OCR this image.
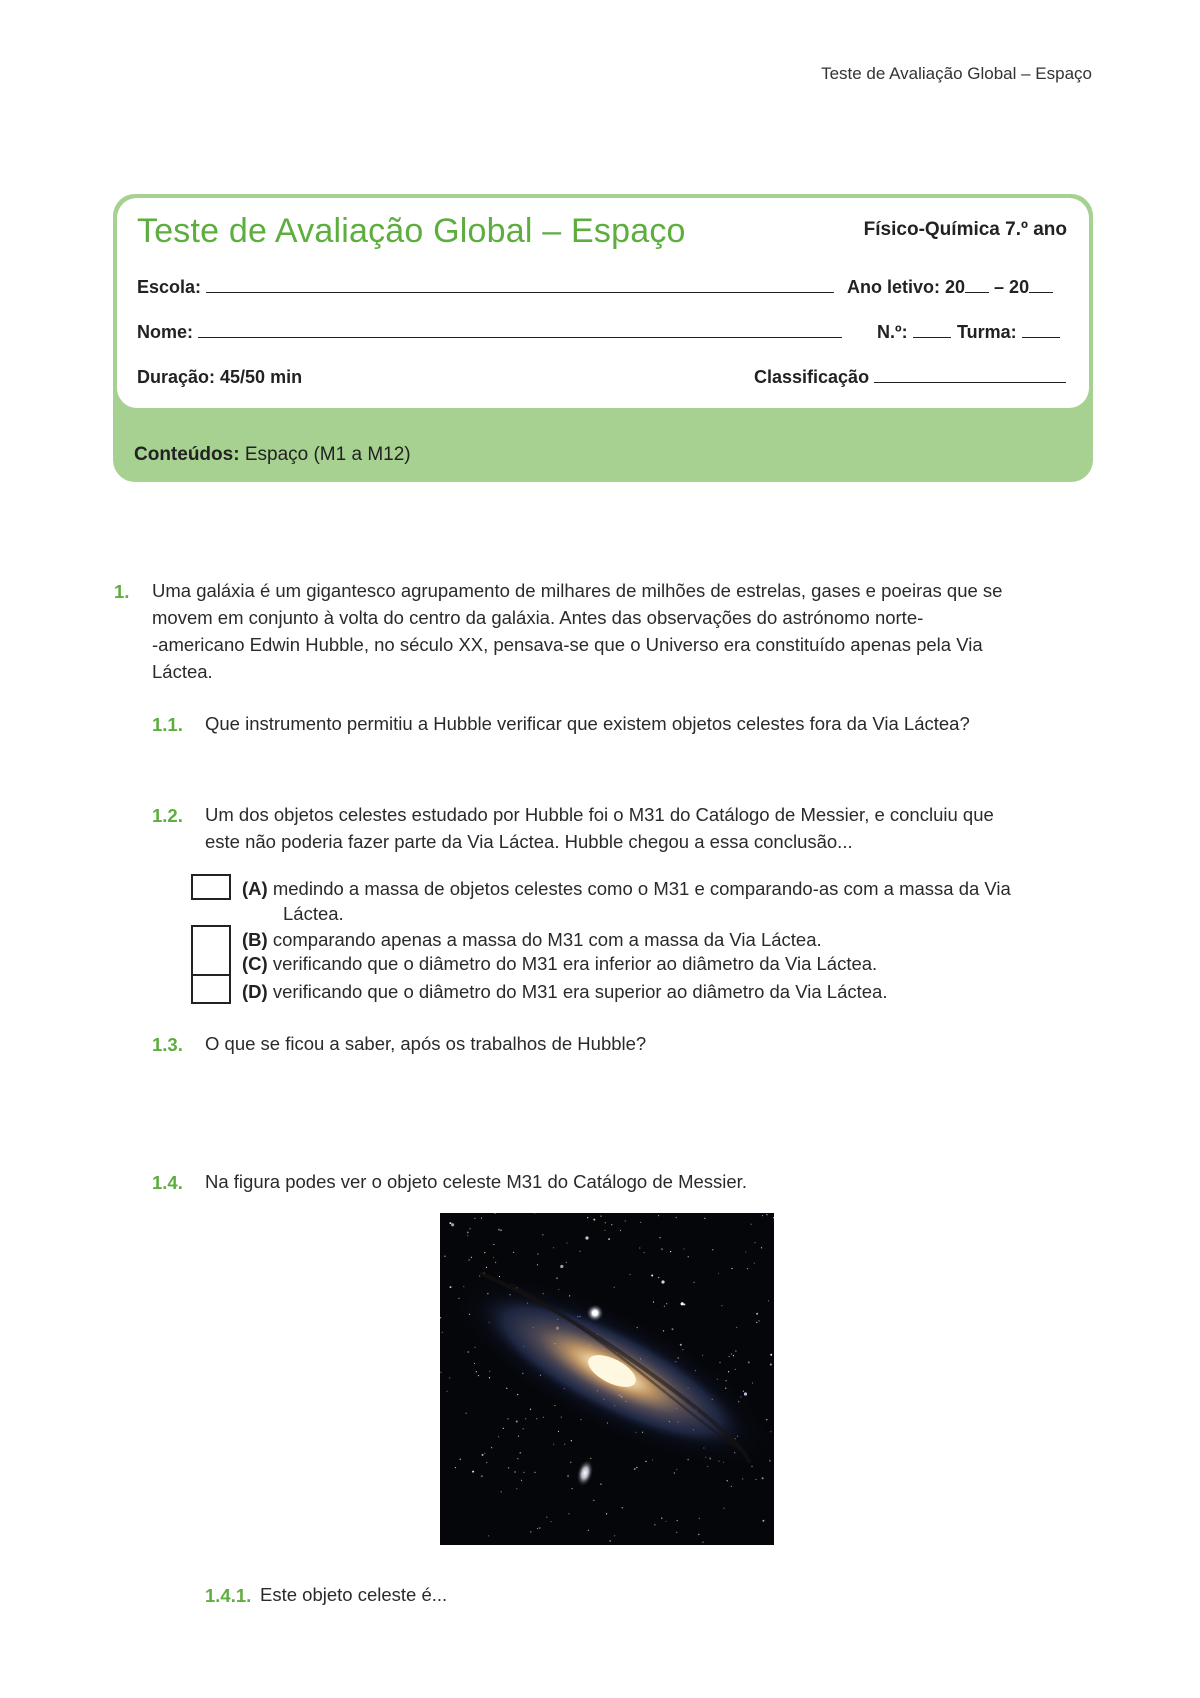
Teste de Avaliação Global – Espaço
Teste de Avaliação Global – Espaço	Físico-Química 7.º ano
Escola:	Ano letivo: 20 – 20
Nome:	N.º:	Turma:
Duração: 45/50 min	Classificação
Conteúdos: Espaço (M1 a M12)
1. Uma galáxia é um gigantesco agrupamento de milhares de milhões de estrelas, gases e poeiras que se
movem em conjunto à volta do centro da galáxia. Antes das observações do astrónomo norte-
-americano Edwin Hubble, no século XX, pensava-se que o Universo era constituído apenas pela Via
Láctea.
1.1. Que instrumento permitiu a Hubble verificar que existem objetos celestes fora da Via Láctea?
1.2. Um dos objetos celestes estudado por Hubble foi o M31 do Catálogo de Messier, e concluiu que
este não poderia fazer parte da Via Láctea. Hubble chegou a essa conclusão...
(A) medindo a massa de objetos celestes como o M31 e comparando-as com a massa da Via
Láctea.
(B) comparando apenas a massa do M31 com a massa da Via Láctea.
(C) verificando que o diâmetro do M31 era inferior ao diâmetro da Via Láctea.
(D) verificando que o diâmetro do M31 era superior ao diâmetro da Via Láctea.
1.3. O que se ficou a saber, após os trabalhos de Hubble?
1.4. Na figura podes ver o objeto celeste M31 do Catálogo de Messier.
1.4.1. Este objeto celeste é...
